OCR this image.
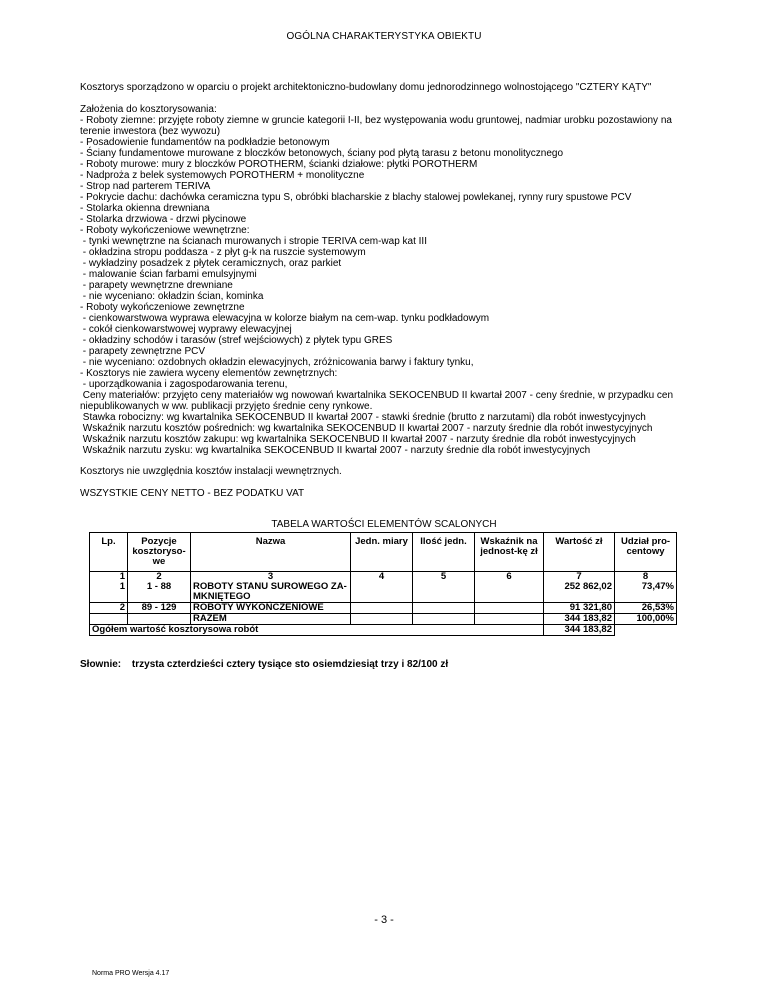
OGÓLNA CHARAKTERYSTYKA OBIEKTU
Kosztorys sporządzono w oparciu o projekt architektoniczno-budowlany domu jednorodzinnego wolnostojącego "CZTERY KĄTY"
Założenia do kosztorysowania:
- Roboty ziemne: przyjęte roboty ziemne w gruncie kategorii I-II, bez występowania wodu gruntowej, nadmiar urobku pozostawiony na
terenie inwestora (bez wywozu)
- Posadowienie fundamentów na podkładzie betonowym
- Ściany fundamentowe murowane z bloczków betonowych, ściany pod płytą tarasu z betonu monolitycznego
- Roboty murowe: mury z bloczków POROTHERM, ścianki działowe: płytki POROTHERM
- Nadproża z belek systemowych POROTHERM + monolityczne
- Strop nad parterem TERIVA
- Pokrycie dachu: dachówka ceramiczna typu S, obróbki blacharskie z blachy stalowej powlekanej, rynny rury spustowe PCV
- Stolarka okienna drewniana
- Stolarka drzwiowa - drzwi płycinowe
- Roboty wykończeniowe wewnętrzne:
- tynki wewnętrzne na ścianach murowanych i stropie TERIVA cem-wap kat III
- okładzina stropu poddasza - z płyt g-k na ruszcie systemowym
- wykładziny posadzek z płytek ceramicznych, oraz parkiet
- malowanie ścian farbami emulsyjnymi
- parapety wewnętrzne drewniane
- nie wyceniano: okładzin ścian, kominka
- Roboty wykończeniowe zewnętrzne
- cienkowarstwowa wyprawa elewacyjna w kolorze białym na cem-wap. tynku podkładowym
- cokół cienkowarstwowej wyprawy elewacyjnej
- okładziny schodów i tarasów (stref wejściowych) z płytek typu GRES
- parapety zewnętrzne PCV
- nie wyceniano: ozdobnych okładzin elewacyjnych, zróżnicowania barwy i faktury tynku,
- Kosztorys nie zawiera wyceny elementów zewnętrznych:
- uporządkowania i zagospodarowania terenu,
Ceny materiałów: przyjęto ceny materiałów wg nowowań kwartalnika SEKOCENBUD II kwartał 2007 - ceny średnie, w przypadku cen
niepublikowanych w ww. publikacji przyjęto średnie ceny rynkowe.
Stawka robocizny: wg kwartalnika SEKOCENBUD II kwartał 2007 - stawki średnie (brutto z narzutami) dla robót inwestycyjnych
Wskaźnik narzutu kosztów pośrednich: wg kwartalnika SEKOCENBUD II kwartał 2007 - narzuty średnie dla robót inwestycyjnych
Wskaźnik narzutu kosztów zakupu: wg kwartalnika SEKOCENBUD II kwartał 2007 - narzuty średnie dla robót inwestycyjnych
Wskaźnik narzutu zysku: wg kwartalnika SEKOCENBUD II kwartał 2007 - narzuty średnie dla robót inwestycyjnych
Kosztorys nie uwzględnia kosztów instalacji wewnętrznych.
WSZYSTKIE CENY NETTO - BEZ PODATKU VAT
TABELA WARTOŚCI ELEMENTÓW SCALONYCH
Lp.	Pozycje kosztoryso-we	Nazwa	Jedn. miary	Ilość jedn.	Wskaźnik na jednost-kę zł	Wartość zł	Udział pro-centowy
1	2	3	4	5	6	7	8
1	1 - 88	ROBOTY STANU SUROWEGO ZA-MKNIĘTEGO				252 862,02	73,47%
2	89 - 129	ROBOTY WYKOŃCZENIOWE				91 321,80	26,53%
		RAZEM				344 183,82	100,00%
Ogółem wartość kosztorysowa robót						344 183,82	
Słownie: trzysta czterdzieści cztery tysiące sto osiemdziesiąt trzy i 82/100 zł
- 3 -
Norma PRO Wersja 4.17
